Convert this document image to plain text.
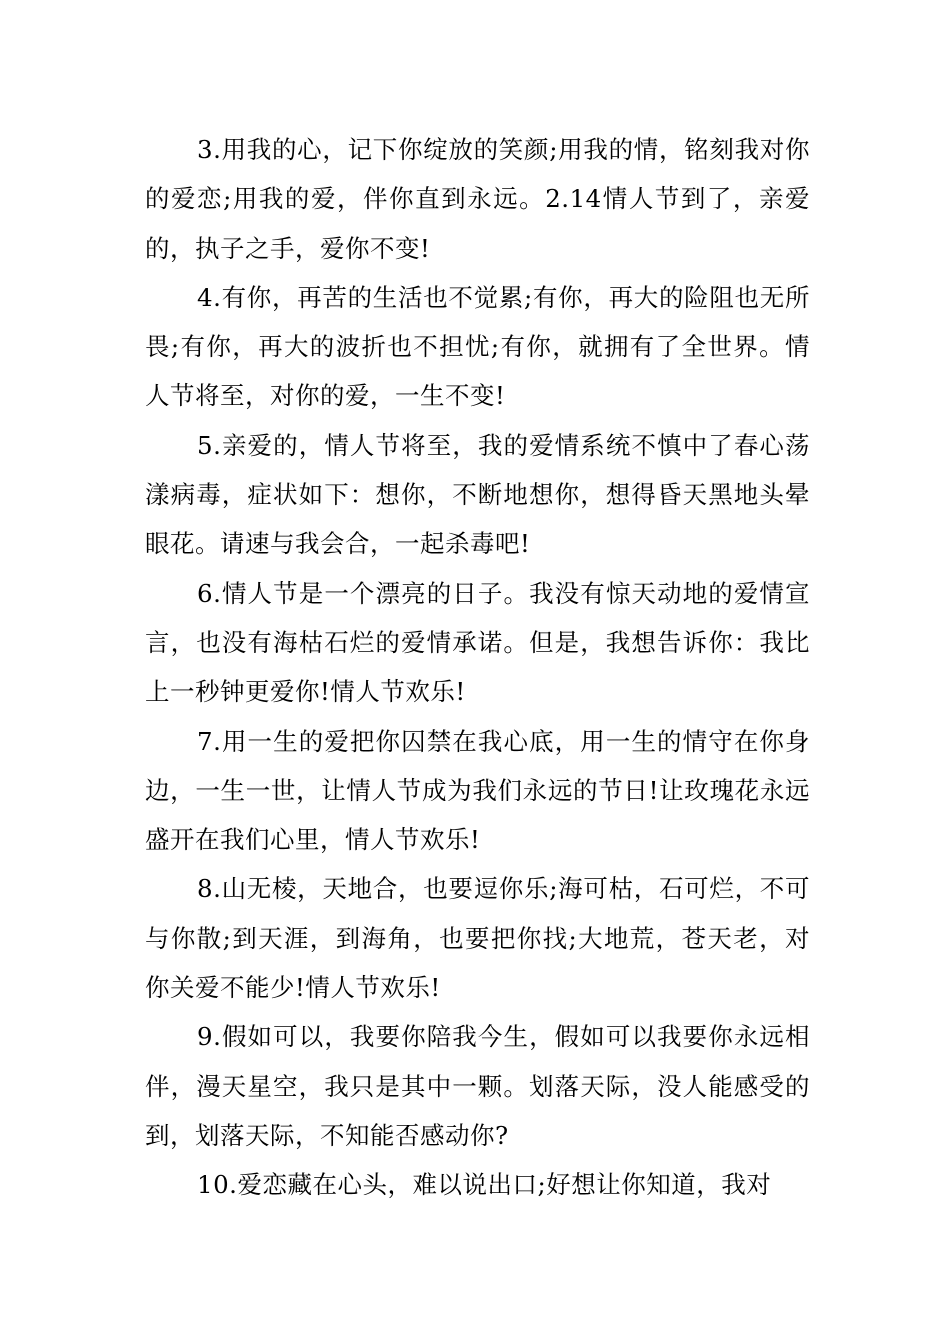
3.用我的心，记下你绽放的笑颜;用我的情，铭刻我对你的爱恋;用我的爱，伴你直到永远。2.14情人节到了，亲爱的，执子之手，爱你不变!

4.有你，再苦的生活也不觉累;有你，再大的险阻也无所畏;有你，再大的波折也不担忧;有你，就拥有了全世界。情人节将至，对你的爱，一生不变!

5.亲爱的，情人节将至，我的爱情系统不慎中了春心荡漾病毒，症状如下：想你，不断地想你，想得昏天黑地头晕眼花。请速与我会合，一起杀毒吧!

6.情人节是一个漂亮的日子。我没有惊天动地的爱情宣言，也没有海枯石烂的爱情承诺。但是，我想告诉你：我比上一秒钟更爱你!情人节欢乐!

7.用一生的爱把你囚禁在我心底，用一生的情守在你身边，一生一世，让情人节成为我们永远的节日!让玫瑰花永远盛开在我们心里，情人节欢乐!

8.山无棱，天地合，也要逗你乐;海可枯，石可烂，不可与你散;到天涯，到海角，也要把你找;大地荒，苍天老，对你关爱不能少!情人节欢乐!

9.假如可以，我要你陪我今生，假如可以我要你永远相伴，漫天星空，我只是其中一颗。划落天际，没人能感受的到，划落天际，不知能否感动你?

10.爱恋藏在心头，难以说出口;好想让你知道，我对
